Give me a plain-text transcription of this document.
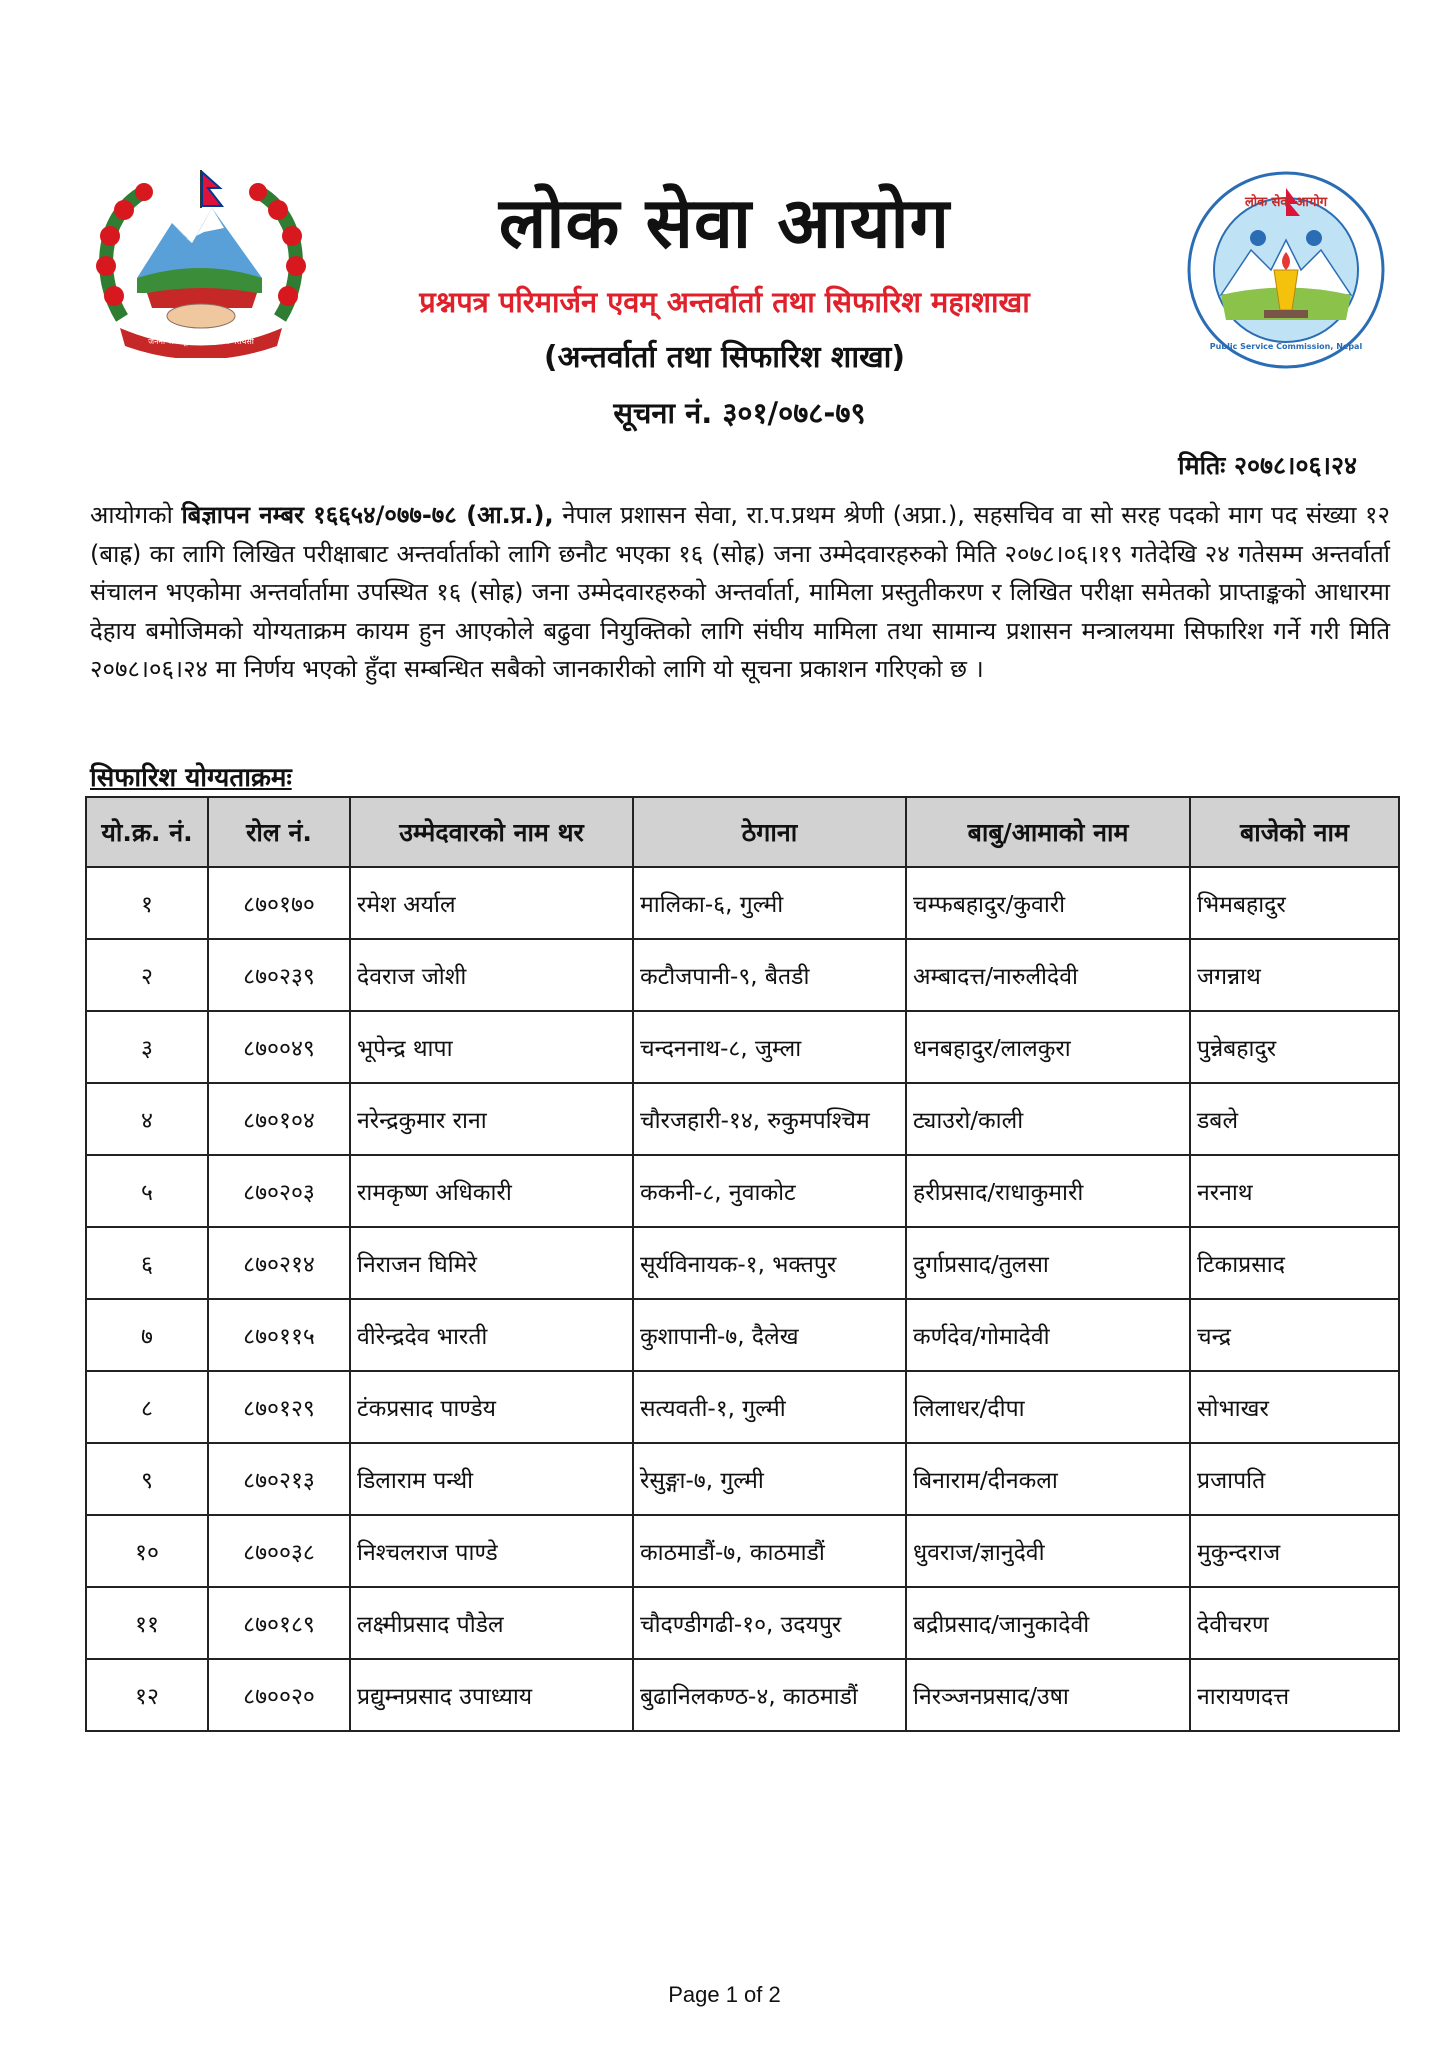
जननी जन्मभूमिश्च स्वर्गादपि गरीयसी
लोक सेवा आयोग
Public Service Commission, Nepal
लोक सेवा आयोग
प्रश्नपत्र परिमार्जन एवम् अन्तर्वार्ता तथा सिफारिश महाशाखा
(अन्तर्वार्ता तथा सिफारिश शाखा)
सूचना नं. ३०१/०७८-७९
मितिः २०७८।०६।२४
आयोगको बिज्ञापन नम्बर १६६५४/०७७-७८ (आ.प्र.), नेपाल प्रशासन सेवा, रा.प.प्रथम श्रेणी (अप्रा.), सहसचिव वा सो सरह पदको माग पद संख्या १२ (बाह्र) का लागि लिखित परीक्षाबाट अन्तर्वार्ताको लागि छनौट भएका १६ (सोह्र) जना उम्मेदवारहरुको मिति २०७८।०६।१९ गतेदेखि २४ गतेसम्म अन्तर्वार्ता संचालन भएकोमा अन्तर्वार्तामा उपस्थित १६ (सोह्र) जना उम्मेदवारहरुको अन्तर्वार्ता, मामिला प्रस्तुतीकरण र लिखित परीक्षा समेतको प्राप्ताङ्कको आधारमा देहाय बमोजिमको योग्यताक्रम कायम हुन आएकोले बढुवा नियुक्तिको लागि संघीय मामिला तथा सामान्य प्रशासन मन्त्रालयमा सिफारिश गर्ने गरी मिति २०७८।०६।२४ मा निर्णय भएको हुँदा सम्बन्धित सबैको जानकारीको लागि यो सूचना प्रकाशन गरिएको छ ।
सिफारिश योग्यताक्रमः
यो.क्र. नं.	रोल नं.	उम्मेदवारको नाम थर	ठेगाना	बाबु/आमाको नाम	बाजेको नाम
१	८७०१७०	रमेश अर्याल	मालिका-६, गुल्मी	चम्फबहादुर/कुवारी	भिमबहादुर
२	८७०२३९	देवराज जोशी	कटौजपानी-९, बैतडी	अम्बादत्त/नारुलीदेवी	जगन्नाथ
३	८७००४९	भूपेन्द्र थापा	चन्दननाथ-८, जुम्ला	धनबहादुर/लालकुरा	पुन्नेबहादुर
४	८७०१०४	नरेन्द्रकुमार राना	चौरजहारी-१४, रुकुमपश्चिम	ट्याउरो/काली	डबले
५	८७०२०३	रामकृष्ण अधिकारी	ककनी-८, नुवाकोट	हरीप्रसाद/राधाकुमारी	नरनाथ
६	८७०२१४	निराजन घिमिरे	सूर्यविनायक-१, भक्तपुर	दुर्गाप्रसाद/तुलसा	टिकाप्रसाद
७	८७०११५	वीरेन्द्रदेव भारती	कुशापानी-७, दैलेख	कर्णदेव/गोमादेवी	चन्द्र
८	८७०१२९	टंकप्रसाद पाण्डेय	सत्यवती-१, गुल्मी	लिलाधर/दीपा	सोभाखर
९	८७०२१३	डिलाराम पन्थी	रेसुङ्गा-७, गुल्मी	बिनाराम/दीनकला	प्रजापति
१०	८७००३८	निश्चलराज पाण्डे	काठमाडौं-७, काठमाडौं	धुवराज/ज्ञानुदेवी	मुकुन्दराज
११	८७०१८९	लक्ष्मीप्रसाद पौडेल	चौदण्डीगढी-१०, उदयपुर	बद्रीप्रसाद/जानुकादेवी	देवीचरण
१२	८७००२०	प्रद्युम्नप्रसाद उपाध्याय	बुढानिलकण्ठ-४, काठमाडौं	निरञ्जनप्रसाद/उषा	नारायणदत्त
Page 1 of 2
